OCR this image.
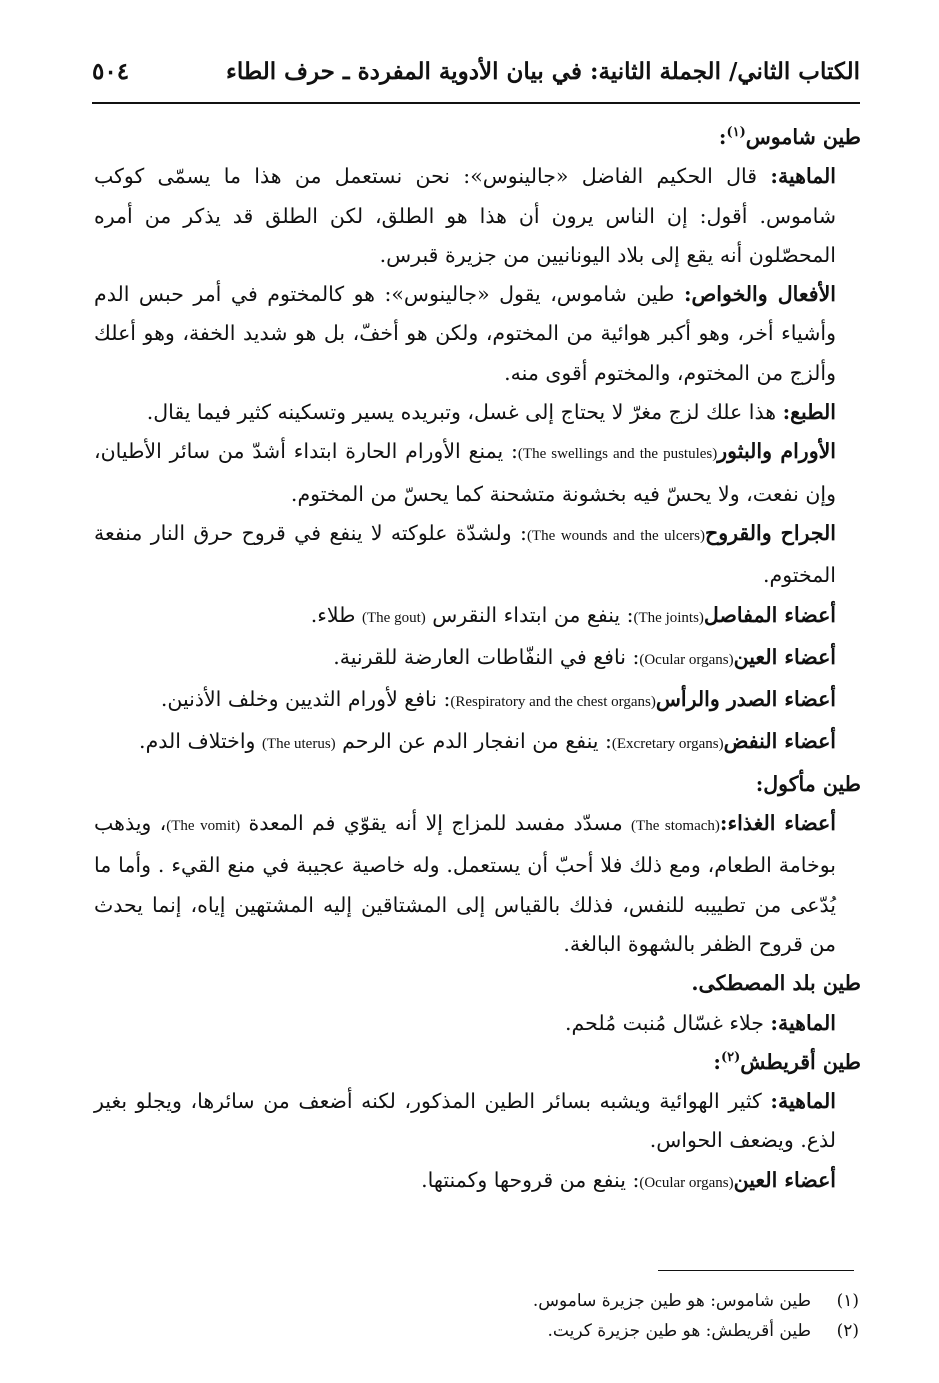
الكتاب الثاني/ الجملة الثانية: في بيان الأدوية المفردة ـ حرف الطاء
٥٠٤

طين شاموس$^{(١)}$:

الماهية: قال الحكيم الفاضل «جالينوس»: نحن نستعمل من هذا ما يسمّى كوكب شاموس. أقول: إن الناس يرون أن هذا هو الطلق، لكن الطلق قد يذكر من أمره المحصّلون أنه يقع إلى بلاد اليونانيين من جزيرة قبرس.

الأفعال والخواص: طين شاموس، يقول «جالينوس»: هو كالمختوم في أمر حبس الدم وأشياء أخر، وهو أكبر هوائية من المختوم، ولكن هو أخفّ، بل هو شديد الخفة، وهو أعلك وألزج من المختوم، والمختوم أقوى منه.

الطبع: هذا علك لزج مغرّ لا يحتاج إلى غسل، وتبريده يسير وتسكينه كثير فيما يقال.

الأورام والبثور(The swellings and the pustules): يمنع الأورام الحارة ابتداء أشدّ من سائر الأطيان، وإن نفعت، ولا يحسّ فيه بخشونة متشحنة كما يحسّ من المختوم.

الجراح والقروح(The wounds and the ulcers): ولشدّة علوكته لا ينفع في قروح حرق النار منفعة المختوم.

أعضاء المفاصل(The joints): ينفع من ابتداء النقرس (The gout) طلاء.

أعضاء العين(Ocular organs): نافع في النفّاطات العارضة للقرنية.

أعضاء الصدر والرأس(Respiratory and the chest organs): نافع لأورام الثديين وخلف الأذنين.

أعضاء النفض(Excretary organs): ينفع من انفجار الدم عن الرحم (The uterus) واختلاف الدم.

طين مأكول:

أعضاء الغذاء:(The stomach) مسدّد مفسد للمزاج إلا أنه يقوّي فم المعدة (The vomit)، ويذهب بوخامة الطعام، ومع ذلك فلا أحبّ أن يستعمل. وله خاصية عجيبة في منع القيء . وأما ما يُدّعى من تطييبه للنفس، فذلك بالقياس إلى المشتاقين إليه المشتهين إياه، إنما يحدث من قروح الظفر بالشهوة البالغة.

طين بلد المصطكى.

الماهية: جلاء غسّال مُنبت مُلحم.

طين أقريطش$^{(٢)}$:

الماهية: كثير الهوائية ويشبه بسائر الطين المذكور، لكنه أضعف من سائرها، ويجلو بغير لذع. ويضعف الحواس.

أعضاء العين(Ocular organs): ينفع من قروحها وكمنتها.

(١)طين شاموس: هو طين جزيرة ساموس.

(٢)طين أقريطش: هو طين جزيرة كريت.
